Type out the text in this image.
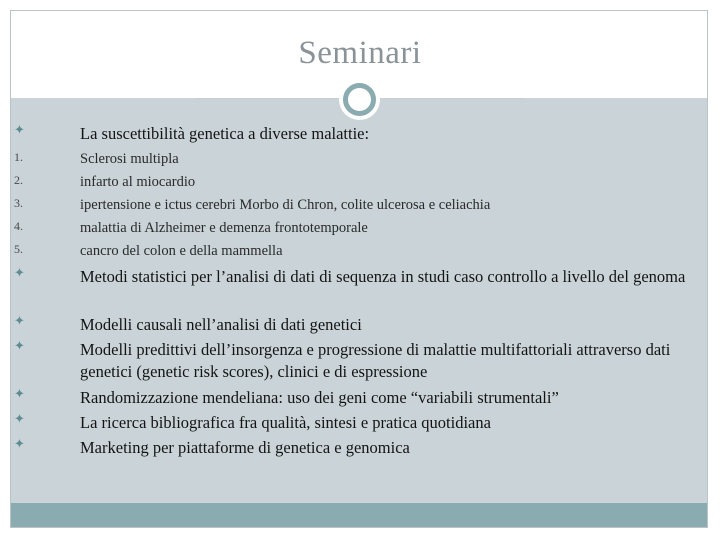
Seminari
✦	La suscettibilità genetica a diverse malattie:
1.	Sclerosi multipla
2.	infarto al miocardio
3.	ipertensione e ictus cerebri Morbo di Chron, colite ulcerosa e celiachia
4.	malattia di Alzheimer e demenza frontotemporale
5.	cancro del colon e della mammella
✦	Metodi statistici per l’analisi di dati di sequenza in studi caso controllo a livello del genoma
✦	Modelli causali nell’analisi di dati genetici
✦	Modelli predittivi dell’insorgenza e progressione di malattie multifattoriali attraverso dati genetici (genetic risk scores), clinici e di espressione
✦	Randomizzazione mendeliana: uso dei geni come “variabili strumentali”
✦	La ricerca bibliografica fra qualità, sintesi e pratica quotidiana
✦	Marketing per piattaforme di genetica e genomica
